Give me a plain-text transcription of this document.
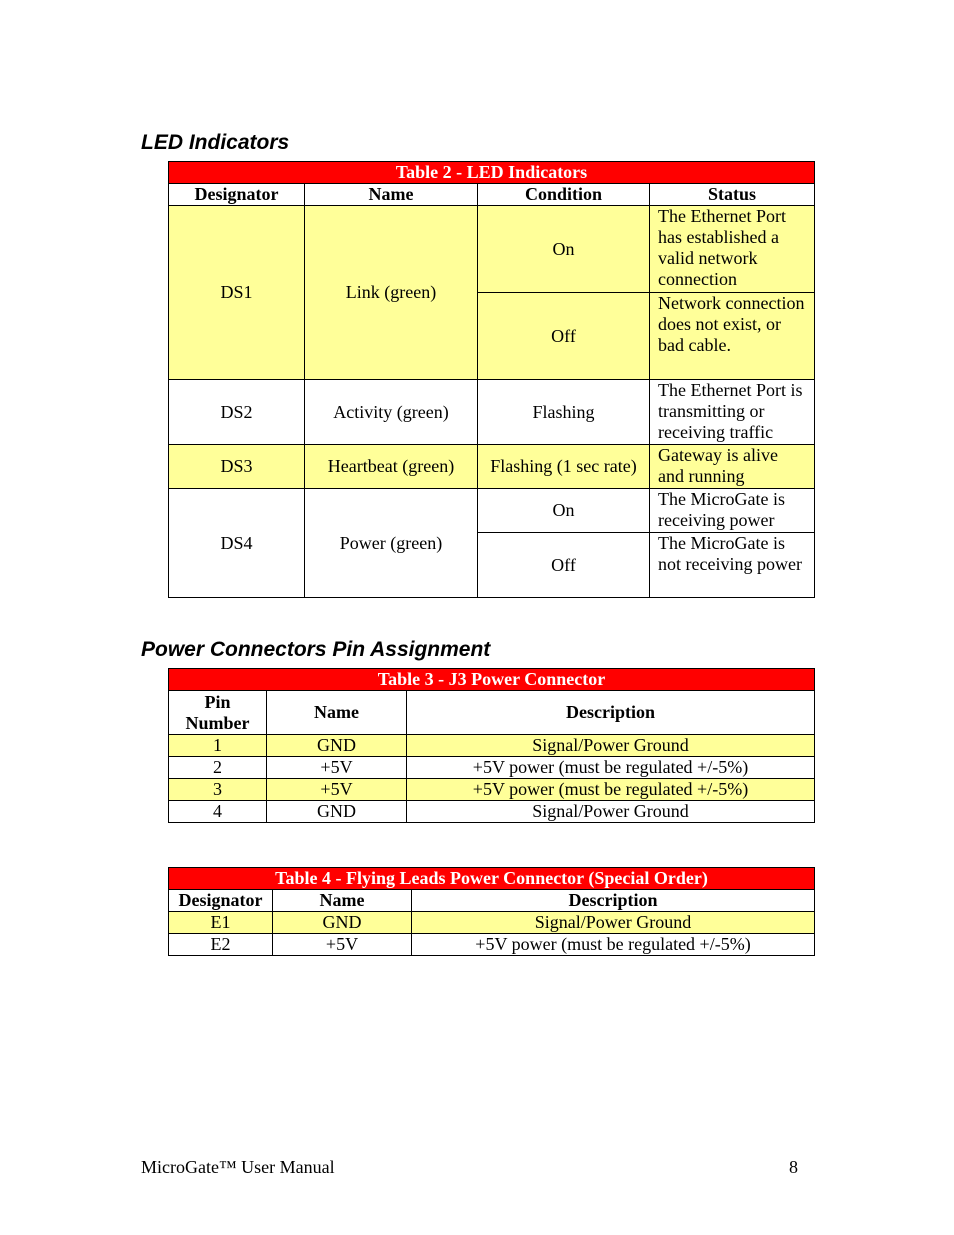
LED Indicators
Table 2 - LED Indicators			
Designator	Name	Condition	Status
DS1	Link (green)	On	The Ethernet Port has established a valid network connection
		Off	Network connection does not exist, or bad cable.
DS2	Activity (green)	Flashing	The Ethernet Port is transmitting or receiving traffic
DS3	Heartbeat (green)	Flashing (1 sec rate)	Gateway is alive and running
DS4	Power (green)	On	The MicroGate is receiving power
		Off	The MicroGate is not receiving power
Power Connectors Pin Assignment
Table 3 - J3 Power Connector		
Pin Number	Name	Description
1	GND	Signal/Power Ground
2	+5V	+5V power (must be regulated +/-5%)
3	+5V	+5V power (must be regulated +/-5%)
4	GND	Signal/Power Ground
Table 4 - Flying Leads Power Connector (Special Order)		
Designator	Name	Description
E1	GND	Signal/Power Ground
E2	+5V	+5V power (must be regulated +/-5%)
MicroGate™ User Manual	8
